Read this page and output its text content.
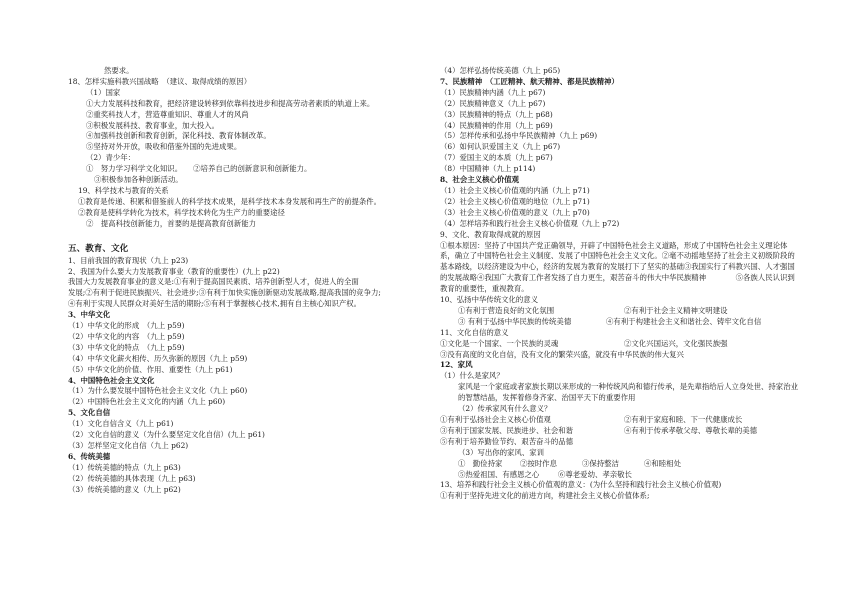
然要求。
18、怎样实施科教兴国战略　（建议、取得成绩的原因）
（1）国家
①大力发展科技和教育，把经济建设转移到依靠科技进步和提高劳动者素质的轨道上来。
②重奖科技人才，营造尊重知识、尊重人才的风尚
③积极发展科技、教育事业，加大投入。
④加强科技创新和教育创新，深化科技、教育体制改革。
⑤坚持对外开放，吸收和借鉴外国的先进成果。
（2）青少年：
①　努力学习科学文化知识。　　②培养自己的创新意识和创新能力。
③积极参加各种创新活动。
19、科学技术与教育的关系
①教育是传递、积累和借鉴前人的科学技术成果，是科学技术本身发展和再生产的前提条件。
②教育是使科学转化为技术，科学技术转化为生产力的重要途径
②　提高科技创新能力，首要的是提高教育创新能力
五、教育、文化
1、目前我国的教育现状（九上 p23)
2、我国为什么要大力发展教育事业（教育的重要性）(九上 p22)
我国大力发展教育事业的意义是:①有利于提高国民素质、培养创新型人才，促进人的全面
发展;②有利于促进民族振兴、社会进步;③有利于加快实施创新驱动发展战略,提高我国的竞争力;
④有利于实现人民群众对美好生活的期盼;⑤有利于掌握核心技术,拥有自主核心知识产权。
3、中华文化
（1）中华文化的形成　（九上 p59)
（2）中华文化的内容　（九上 p59)
（3）中华文化的特点　（九上 p59)
（4）中华文化薪火相传、历久弥新的原因（九上 p59)
（5）中华文化的价值、作用、重要性（九上 p61)
4、中国特色社会主义文化
（1）为什么要发展中国特色社会主义文化（九上 p60)
（2）中国特色社会主义文化的内涵（九上 p60)
5、文化自信
（1）文化自信含义（九上 p61)
（2）文化自信的意义（为什么要坚定文化自信）(九上 p61)
（3）怎样坚定文化自信（九上 p62)
6、传统美德
（1）传统美德的特点（九上 p63)
（2）传统美德的具体表现（九上 p63)
（3）传统美德的意义（九上 p62)
（4）怎样弘扬传统美德（九上 p65)
7、民族精神　（工匠精神、航天精神、都是民族精神）
（1）民族精神内涵（九上 p67)
（2）民族精神意义（九上 p67)
（3）民族精神的特点（九上 p68)
（4）民族精神的作用（九上 p69)
（5）怎样传承和弘扬中华民族精神（九上 p69)
（6）如何认识爱国主义（九上 p67)
（7）爱国主义的本质（九上 p67)
（8）中国精神（九上 p114)
8、社会主义核心价值观
（1）社会主义核心价值观的内涵（九上 p71)
（2）社会主义核心价值观的地位（九上 p71)
（3）社会主义核心价值观的意义（九上 p70)
（4）怎样培养和践行社会主义核心价值观（九上 p72)
9、文化、教育取得成就的原因
①根本原因：坚持了中国共产党正确领导，开辟了中国特色社会主义道路，形成了中国特色社会主义理论体系，确立了中国特色社会主义制度、发展了中国特色社会主义文化。②毫不动摇地坚持了社会主义初级阶段的基本路线，以经济建设为中心，经济的发展为教育的发展打下了坚实的基础③我国实行了科教兴国、人才强国的发展战略④我国广大教育工作者发扬了自力更生，艰苦奋斗的伟大中华民族精神　　　　⑤各族人民认识到教育的重要性，重视教育。
10、弘扬中华传统文化的意义
①有利于营造良好的文化氛围	②有利于社会主义精神文明建设
③ 有利于弘扬中华民族的传统美德	④有利于构建社会主义和谐社会、铸牢文化自信
11、文化自信的意义
①文化是一个国家、一个民族的灵魂	②文化兴国运兴，文化强民族强
③没有高度的文化自信，没有文化的繁荣兴盛，就没有中华民族的伟大复兴
12、家风
（1）什么是家风？
家风是一个家庭或者家族长期以来形成的一种传统风尚和德行传承，是先辈指给后人立身处世、持家治业的智慧结晶，发挥着修身齐家、治国平天下的重要作用
（2）传承家风有什么意义？
①有利于弘扬社会主义核心价值观	②有利于家庭和睦、下一代健康成长
③有利于国家发展、民族进步、社会和谐	④有利于传承孝敬父母、尊敬长辈的美德
⑤有利于培养勤俭节约、艰苦奋斗的品德
（3）写出你的家风、家训
①　勤俭持家 ②按时作息	③保持整洁	④和睦相处
⑤热爱祖国、有感恩之心	⑥尊老爱幼、孝亲敬长
13、培养和践行社会主义核心价值观的意义：(为什么坚持和践行社会主义核心价值观)
①有利于坚持先进文化的前进方向，构建社会主义核心价值体系;
